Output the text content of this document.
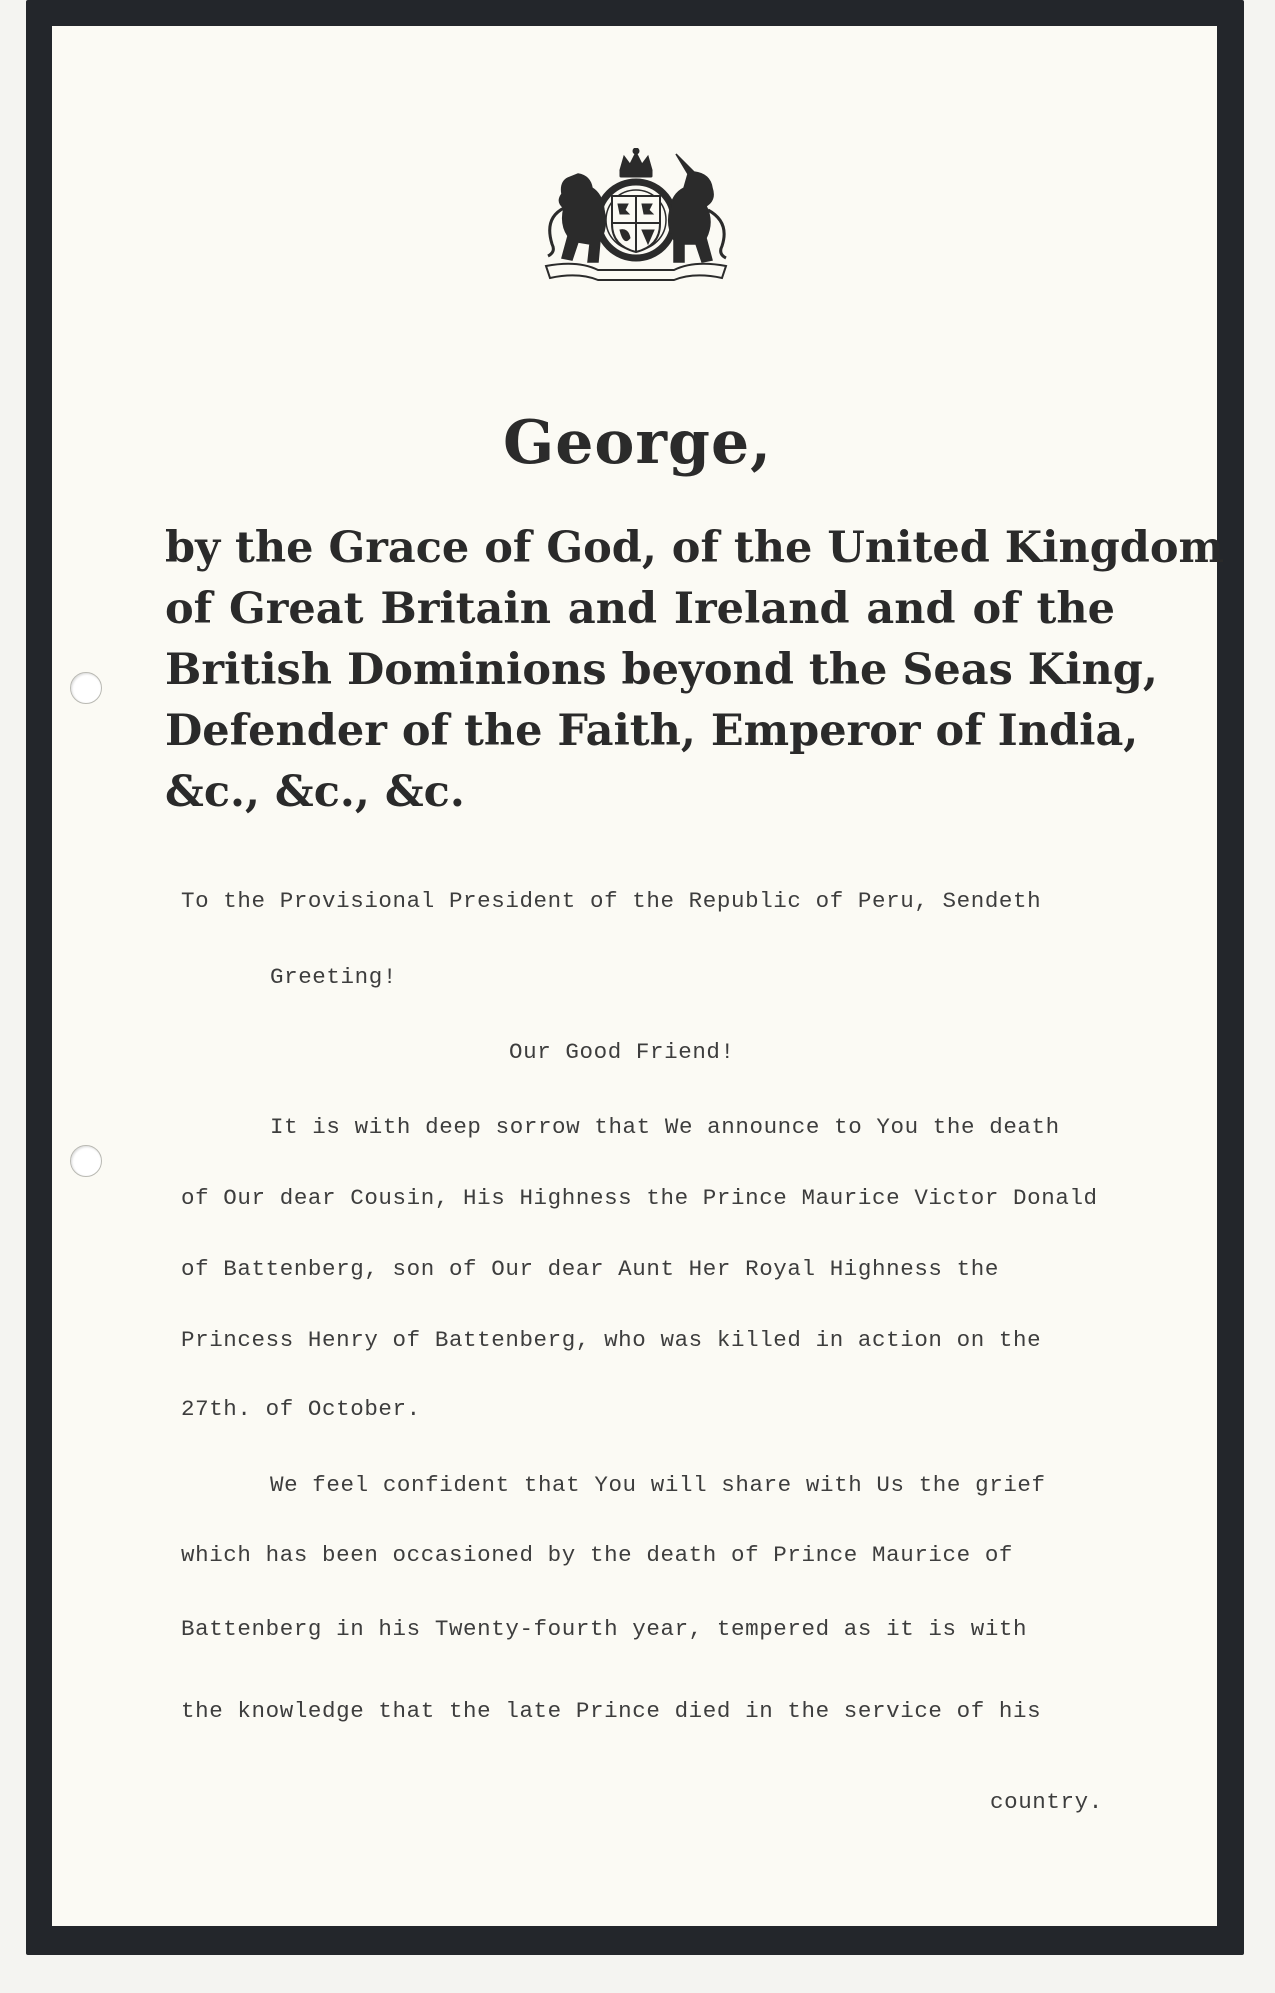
George,
by the Grace of God, of the United Kingdom
of Great Britain and Ireland and of the
British Dominions beyond the Seas King,
Defender of the Faith, Emperor of India,
&c., &c., &c.
To the Provisional President of the Republic of Peru, Sendeth
Greeting!
Our Good Friend!
It is with deep sorrow that We announce to You the death
of Our dear Cousin, His Highness the Prince Maurice Victor Donald
of Battenberg, son of Our dear Aunt Her Royal Highness the
Princess Henry of Battenberg, who was killed in action on the
27th. of October.
We feel confident that You will share with Us the grief
which has been occasioned by the death of Prince Maurice of
Battenberg in his Twenty-fourth year, tempered as it is with
the knowledge that the late Prince died in the service of his
country.
